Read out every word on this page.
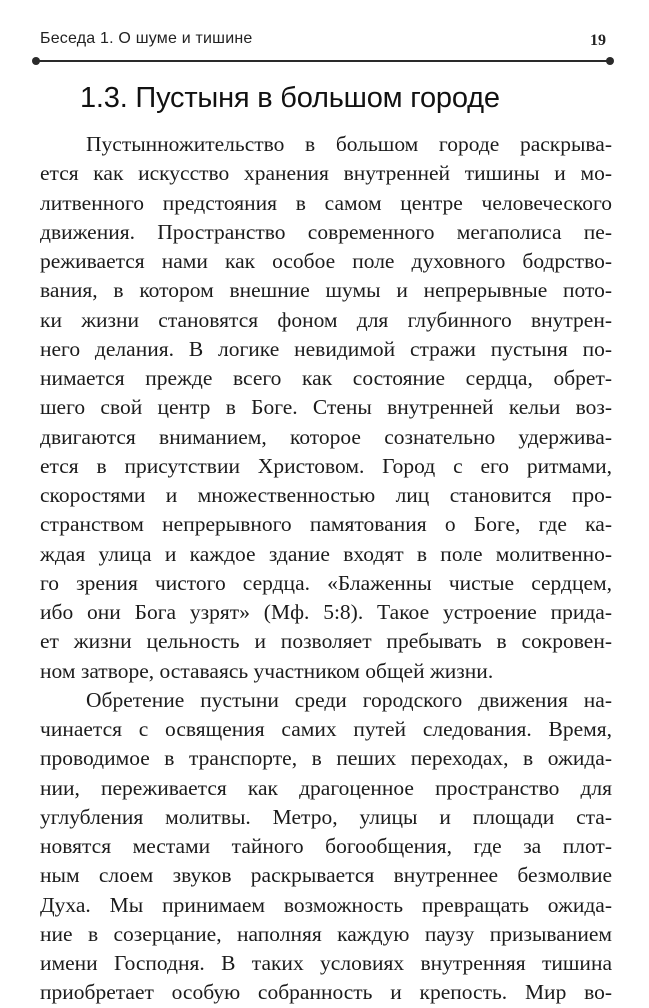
Беседа 1. О шуме и тишине	19
1.3. Пустыня в большом городе
Пустынножительство в большом городе раскрыва-
ется как искусство хранения внутренней тишины и мо-
литвенного предстояния в самом центре человеческого
движения. Пространство современного мегаполиса пе-
реживается нами как особое поле духовного бодрство-
вания, в котором внешние шумы и непрерывные пото-
ки жизни становятся фоном для глубинного внутрен-
него делания. В логике невидимой стражи пустыня по-
нимается прежде всего как состояние сердца, обрет-
шего свой центр в Боге. Стены внутренней кельи воз-
двигаются вниманием, которое сознательно удержива-
ется в присутствии Христовом. Город с его ритмами,
скоростями и множественностью лиц становится про-
странством непрерывного памятования о Боге, где ка-
ждая улица и каждое здание входят в поле молитвенно-
го зрения чистого сердца. «Блаженны чистые сердцем,
ибо они Бога узрят» (Мф. 5:8). Такое устроение прида-
ет жизни цельность и позволяет пребывать в сокровен-
ном затворе, оставаясь участником общей жизни.
Обретение пустыни среди городского движения на-
чинается с освящения самих путей следования. Время,
проводимое в транспорте, в пеших переходах, в ожида-
нии, переживается как драгоценное пространство для
углубления молитвы. Метро, улицы и площади ста-
новятся местами тайного богообщения, где за плот-
ным слоем звуков раскрывается внутреннее безмолвие
Духа. Мы принимаем возможность превращать ожида-
ние в созерцание, наполняя каждую паузу призыванием
имени Господня. В таких условиях внутренняя тишина
приобретает особую собранность и крепость. Мир во-
